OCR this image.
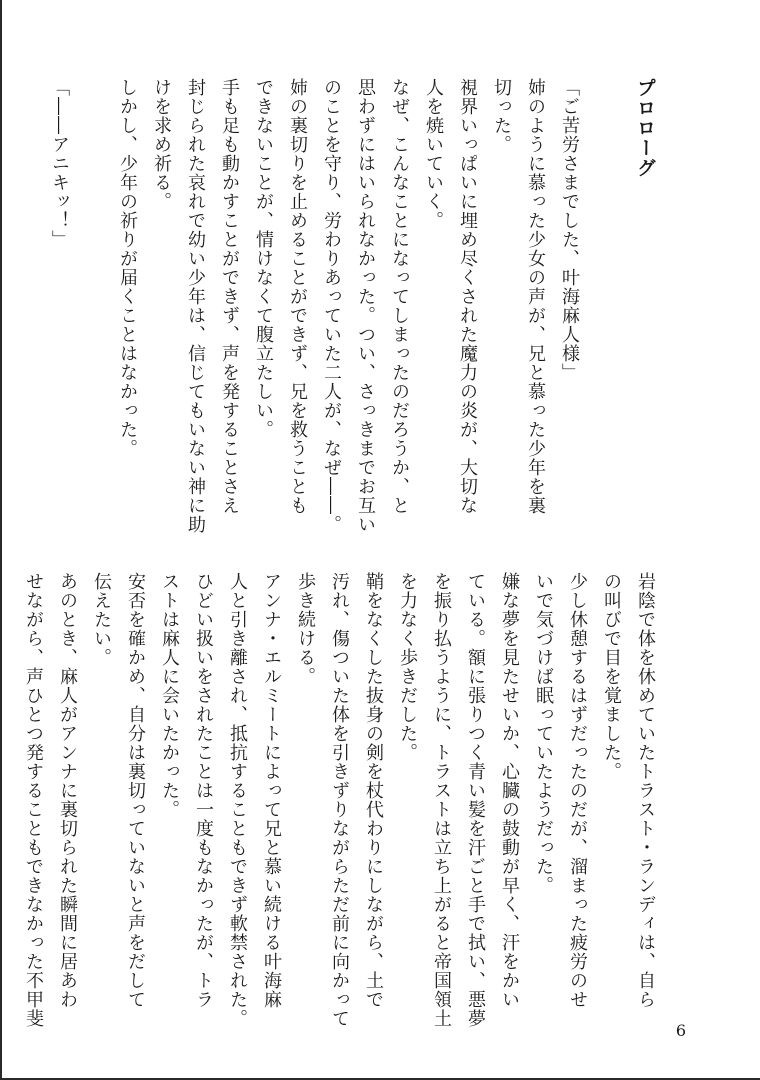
プロローグ
「ご苦労さまでした、叶海麻人様」
姉のように慕った少女の声が、兄と慕った少年を裏
切った。
視界いっぱいに埋め尽くされた魔力の炎が、大切な
人を焼いていく。
なぜ、こんなことになってしまったのだろうか、と
思わずにはいられなかった。つい、さっきまでお互い
のことを守り、労わりあっていた二人が、なぜ――。
姉の裏切りを止めることができず、兄を救うことも
できないことが、情けなくて腹立たしい。
手も足も動かすことができず、声を発することさえ
封じられた哀れで幼い少年は、信じてもいない神に助
けを求め祈る。
しかし、少年の祈りが届くことはなかった。
「――アニキッ！」
岩陰で体を休めていたトラスト・ランディは、自ら
の叫びで目を覚ました。
少し休憩するはずだったのだが、溜まった疲労のせ
いで気づけば眠っていたようだった。
嫌な夢を見たせいか、心臓の鼓動が早く、汗をかい
ている。額に張りつく青い髪を汗ごと手で拭い、悪夢
を振り払うように、トラストは立ち上がると帝国領土
を力なく歩きだした。
鞘をなくした抜身の剣を杖代わりにしながら、土で
汚れ、傷ついた体を引きずりながらただ前に向かって
歩き続ける。
アンナ・エルミートによって兄と慕い続ける叶海麻
人と引き離され、抵抗することもできず軟禁された。
ひどい扱いをされたことは一度もなかったが、トラ
ストは麻人に会いたかった。
安否を確かめ、自分は裏切っていないと声をだして
伝えたい。
あのとき、麻人がアンナに裏切られた瞬間に居あわ
せながら、声ひとつ発することもできなかった不甲斐
6
